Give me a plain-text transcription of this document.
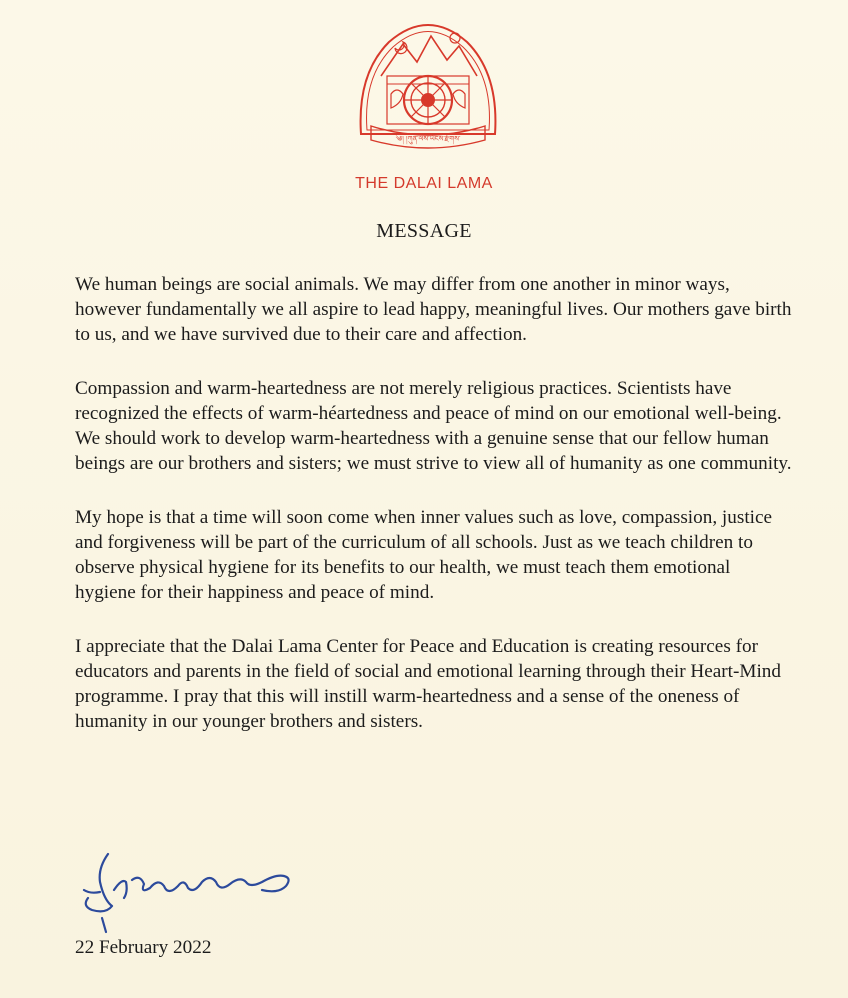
༄། །ཀུན་ལས་ཡོངས་རྫོགས་
THE DALAI LAMA
MESSAGE

We human beings are social animals. We may differ from one another in minor ways, however fundamentally we all aspire to lead happy, meaningful lives. Our mothers gave birth to us, and we have survived due to their care and affection.

Compassion and warm-heartedness are not merely religious practices. Scientists have recognized the effects of warm-héartedness and peace of mind on our emotional well-being. We should work to develop warm-heartedness with a genuine sense that our fellow human beings are our brothers and sisters; we must strive to view all of humanity as one community.

My hope is that a time will soon come when inner values such as love, compassion, justice and forgiveness will be part of the curriculum of all schools. Just as we teach children to observe physical hygiene for its benefits to our health, we must teach them emotional hygiene for their happiness and peace of mind.

I appreciate that the Dalai Lama Center for Peace and Education is creating resources for educators and parents in the field of social and emotional learning through their Heart-Mind programme. I pray that this will instill warm-heartedness and a sense of the oneness of humanity in our younger brothers and sisters.

22 February 2022
